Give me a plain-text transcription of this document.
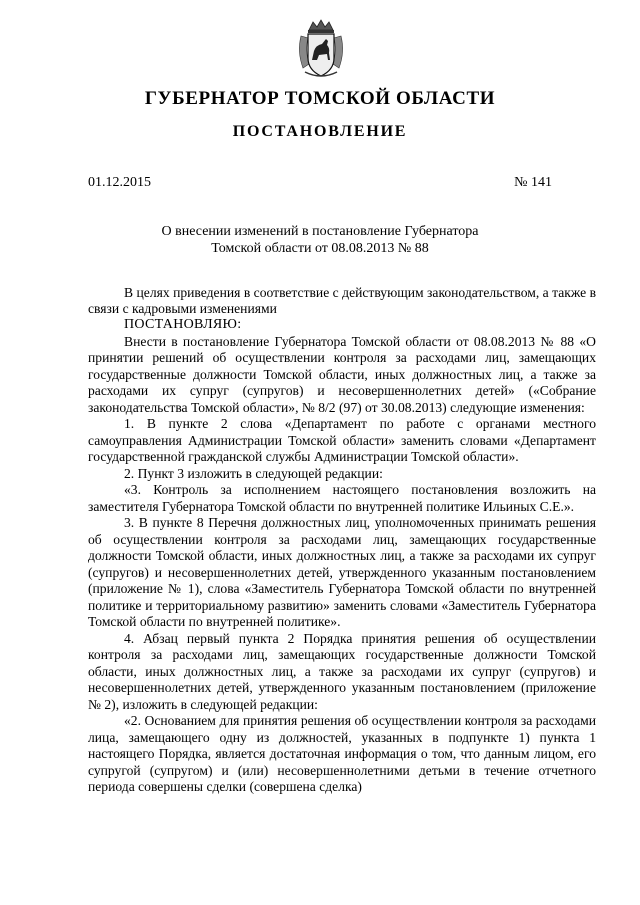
ГУБЕРНАТОР ТОМСКОЙ ОБЛАСТИ
ПОСТАНОВЛЕНИЕ
01.12.2015	№ 141
О внесении изменений в постановление Губернатора
Томской области от 08.08.2013 № 88

В целях приведения в соответствие с действующим законодательством, а также в связи с кадровыми изменениями

ПОСТАНОВЛЯЮ:

Внести в постановление Губернатора Томской области от 08.08.2013 № 88 «О принятии решений об осуществлении контроля за расходами лиц, замещающих государственные должности Томской области, иных должностных лиц, а также за расходами их супруг (супругов) и несовершеннолетних детей» («Собрание законодательства Томской области», № 8/2 (97) от 30.08.2013) следующие изменения:

1. В пункте 2 слова «Департамент по работе с органами местного самоуправления Администрации Томской области» заменить словами «Департамент государственной гражданской службы Администрации Томской области».

2. Пункт 3 изложить в следующей редакции:

«3. Контроль за исполнением настоящего постановления возложить на заместителя Губернатора Томской области по внутренней политике Ильиных С.Е.».

3. В пункте 8 Перечня должностных лиц, уполномоченных принимать решения об осуществлении контроля за расходами лиц, замещающих государственные должности Томской области, иных должностных лиц, а также за расходами их супруг (супругов) и несовершеннолетних детей, утвержденного указанным постановлением (приложение № 1), слова «Заместитель Губернатора Томской области по внутренней политике и территориальному развитию» заменить словами «Заместитель Губернатора Томской области по внутренней политике».

4. Абзац первый пункта 2 Порядка принятия решения об осуществлении контроля за расходами лиц, замещающих государственные должности Томской области, иных должностных лиц, а также за расходами их супруг (супругов) и несовершеннолетних детей, утвержденного указанным постановлением (приложение № 2), изложить в следующей редакции:

«2. Основанием для принятия решения об осуществлении контроля за расходами лица, замещающего одну из должностей, указанных в подпункте 1) пункта 1 настоящего Порядка, является достаточная информация о том, что данным лицом, его супругой (супругом) и (или) несовершеннолетними детьми в течение отчетного периода совершены сделки (совершена сделка)
